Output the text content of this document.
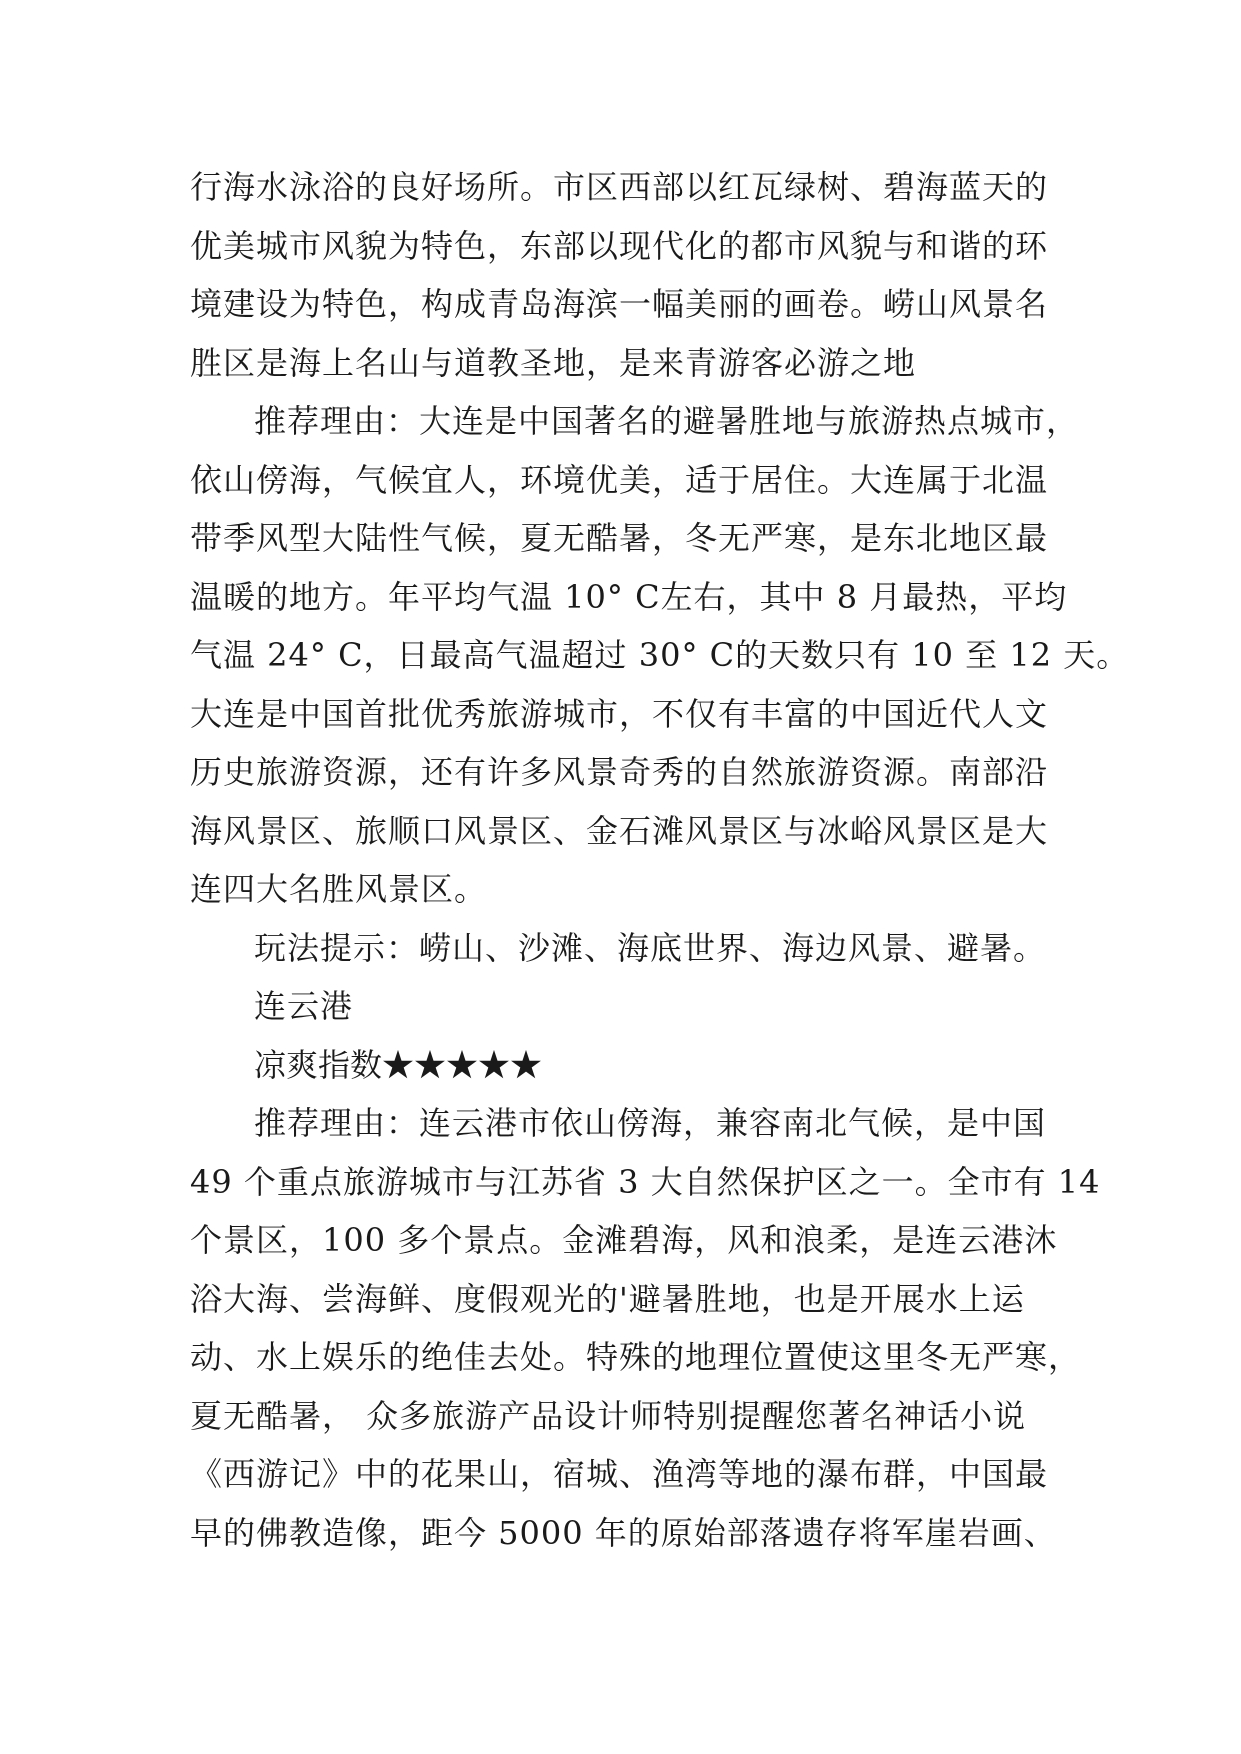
行海水泳浴的良好场所。市区西部以红瓦绿树、碧海蓝天的
优美城市风貌为特色，东部以现代化的都市风貌与和谐的环
境建设为特色，构成青岛海滨一幅美丽的画卷。崂山风景名
胜区是海上名山与道教圣地，是来青游客必游之地
推荐理由：大连是中国著名的避暑胜地与旅游热点城市，
依山傍海，气候宜人，环境优美，适于居住。大连属于北温
带季风型大陆性气候，夏无酷暑，冬无严寒，是东北地区最
温暖的地方。年平均气温 10° C左右，其中 8 月最热，平均
气温 24° C，日最高气温超过 30° C的天数只有 10 至 12 天。
大连是中国首批优秀旅游城市，不仅有丰富的中国近代人文
历史旅游资源，还有许多风景奇秀的自然旅游资源。南部沿
海风景区、旅顺口风景区、金石滩风景区与冰峪风景区是大
连四大名胜风景区。
玩法提示：崂山、沙滩、海底世界、海边风景、避暑。
连云港
凉爽指数★★★★★
推荐理由：连云港市依山傍海，兼容南北气候，是中国
49 个重点旅游城市与江苏省 3 大自然保护区之一。全市有 14
个景区，100 多个景点。金滩碧海，风和浪柔，是连云港沐
浴大海、尝海鲜、度假观光的'避暑胜地，也是开展水上运
动、水上娱乐的绝佳去处。特殊的地理位置使这里冬无严寒，
夏无酷暑， 众多旅游产品设计师特别提醒您著名神话小说
《西游记》中的花果山，宿城、渔湾等地的瀑布群，中国最
早的佛教造像，距今 5000 年的原始部落遗存将军崖岩画、
